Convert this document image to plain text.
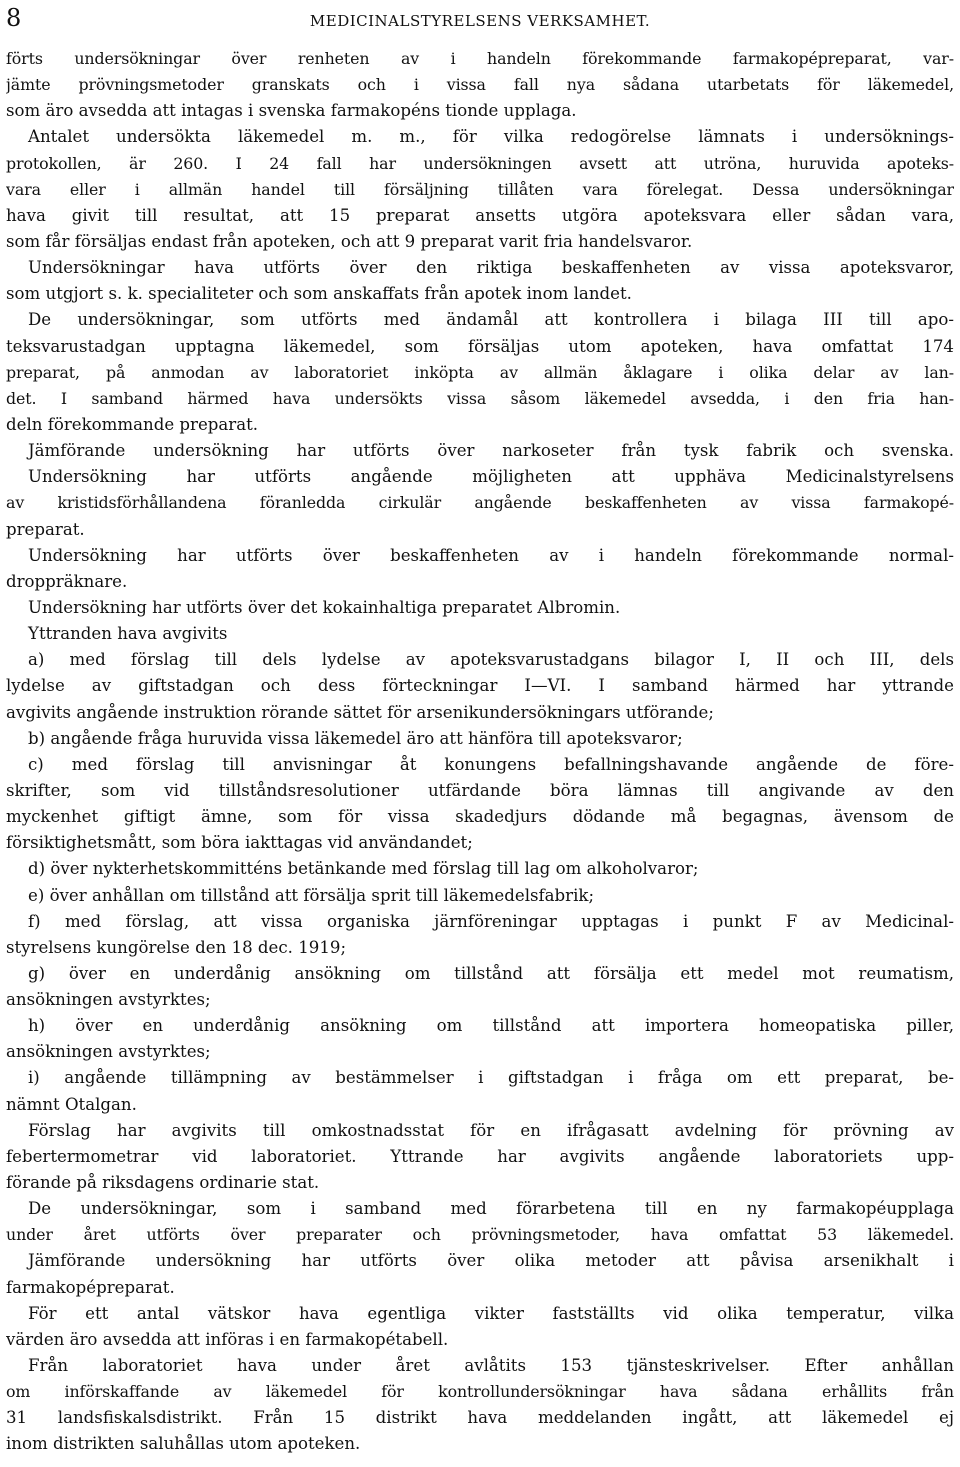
8	MEDICINALSTYRELSENS VERKSAMHET.
förts undersökningar över renheten av i handeln förekommande farmakopépreparat, var-
jämte prövningsmetoder granskats och i vissa fall nya sådana utarbetats för läkemedel,
som äro avsedda att intagas i svenska farmakopéns tionde upplaga.
Antalet undersökta läkemedel m. m., för vilka redogörelse lämnats i undersöknings-
protokollen, är 260. I 24 fall har undersökningen avsett att utröna, huruvida apoteks-
vara eller i allmän handel till försäljning tillåten vara förelegat. Dessa undersökningar
hava givit till resultat, att 15 preparat ansetts utgöra apoteksvara eller sådan vara,
som får försäljas endast från apoteken, och att 9 preparat varit fria handelsvaror.
Undersökningar hava utförts över den riktiga beskaffenheten av vissa apoteksvaror,
som utgjort s. k. specialiteter och som anskaffats från apotek inom landet.
De undersökningar, som utförts med ändamål att kontrollera i bilaga III till apo-
teksvarustadgan upptagna läkemedel, som försäljas utom apoteken, hava omfattat 174
preparat, på anmodan av laboratoriet inköpta av allmän åklagare i olika delar av lan-
det. I samband härmed hava undersökts vissa såsom läkemedel avsedda, i den fria han-
deln förekommande preparat.
Jämförande undersökning har utförts över narkoseter från tysk fabrik och svenska.
Undersökning har utförts angående möjligheten att upphäva Medicinalstyrelsens
av kristidsförhållandena föranledda cirkulär angående beskaffenheten av vissa farmakopé-
preparat.
Undersökning har utförts över beskaffenheten av i handeln förekommande normal-
droppräknare.
Undersökning har utförts över det kokainhaltiga preparatet Albromin.
Yttranden hava avgivits
a) med förslag till dels lydelse av apoteksvarustadgans bilagor I, II och III, dels
lydelse av giftstadgan och dess förteckningar I—VI. I samband härmed har yttrande
avgivits angående instruktion rörande sättet för arsenikundersökningars utförande;
b) angående fråga huruvida vissa läkemedel äro att hänföra till apoteksvaror;
c) med förslag till anvisningar åt konungens befallningshavande angående de före-
skrifter, som vid tillståndsresolutioner utfärdande böra lämnas till angivande av den
myckenhet giftigt ämne, som för vissa skadedjurs dödande må begagnas, ävensom de
försiktighetsmått, som böra iakttagas vid användandet;
d) över nykterhetskommitténs betänkande med förslag till lag om alkoholvaror;
e) över anhållan om tillstånd att försälja sprit till läkemedelsfabrik;
f) med förslag, att vissa organiska järnföreningar upptagas i punkt F av Medicinal-
styrelsens kungörelse den 18 dec. 1919;
g) över en underdånig ansökning om tillstånd att försälja ett medel mot reumatism,
ansökningen avstyrktes;
h) över en underdånig ansökning om tillstånd att importera homeopatiska piller,
ansökningen avstyrktes;
i) angående tillämpning av bestämmelser i giftstadgan i fråga om ett preparat, be-
nämnt Otalgan.
Förslag har avgivits till omkostnadsstat för en ifrågasatt avdelning för prövning av
febertermometrar vid laboratoriet. Yttrande har avgivits angående laboratoriets upp-
förande på riksdagens ordinarie stat.
De undersökningar, som i samband med förarbetena till en ny farmakopéupplaga
under året utförts över preparater och prövningsmetoder, hava omfattat 53 läkemedel.
Jämförande undersökning har utförts över olika metoder att påvisa arsenikhalt i
farmakopépreparat.
För ett antal vätskor hava egentliga vikter fastställts vid olika temperatur, vilka
värden äro avsedda att införas i en farmakopétabell.
Från laboratoriet hava under året avlåtits 153 tjänsteskrivelser. Efter anhållan
om införskaffande av läkemedel för kontrollundersökningar hava sådana erhållits från
31 landsfiskalsdistrikt. Från 15 distrikt hava meddelanden ingått, att läkemedel ej
inom distrikten saluhållas utom apoteken.
